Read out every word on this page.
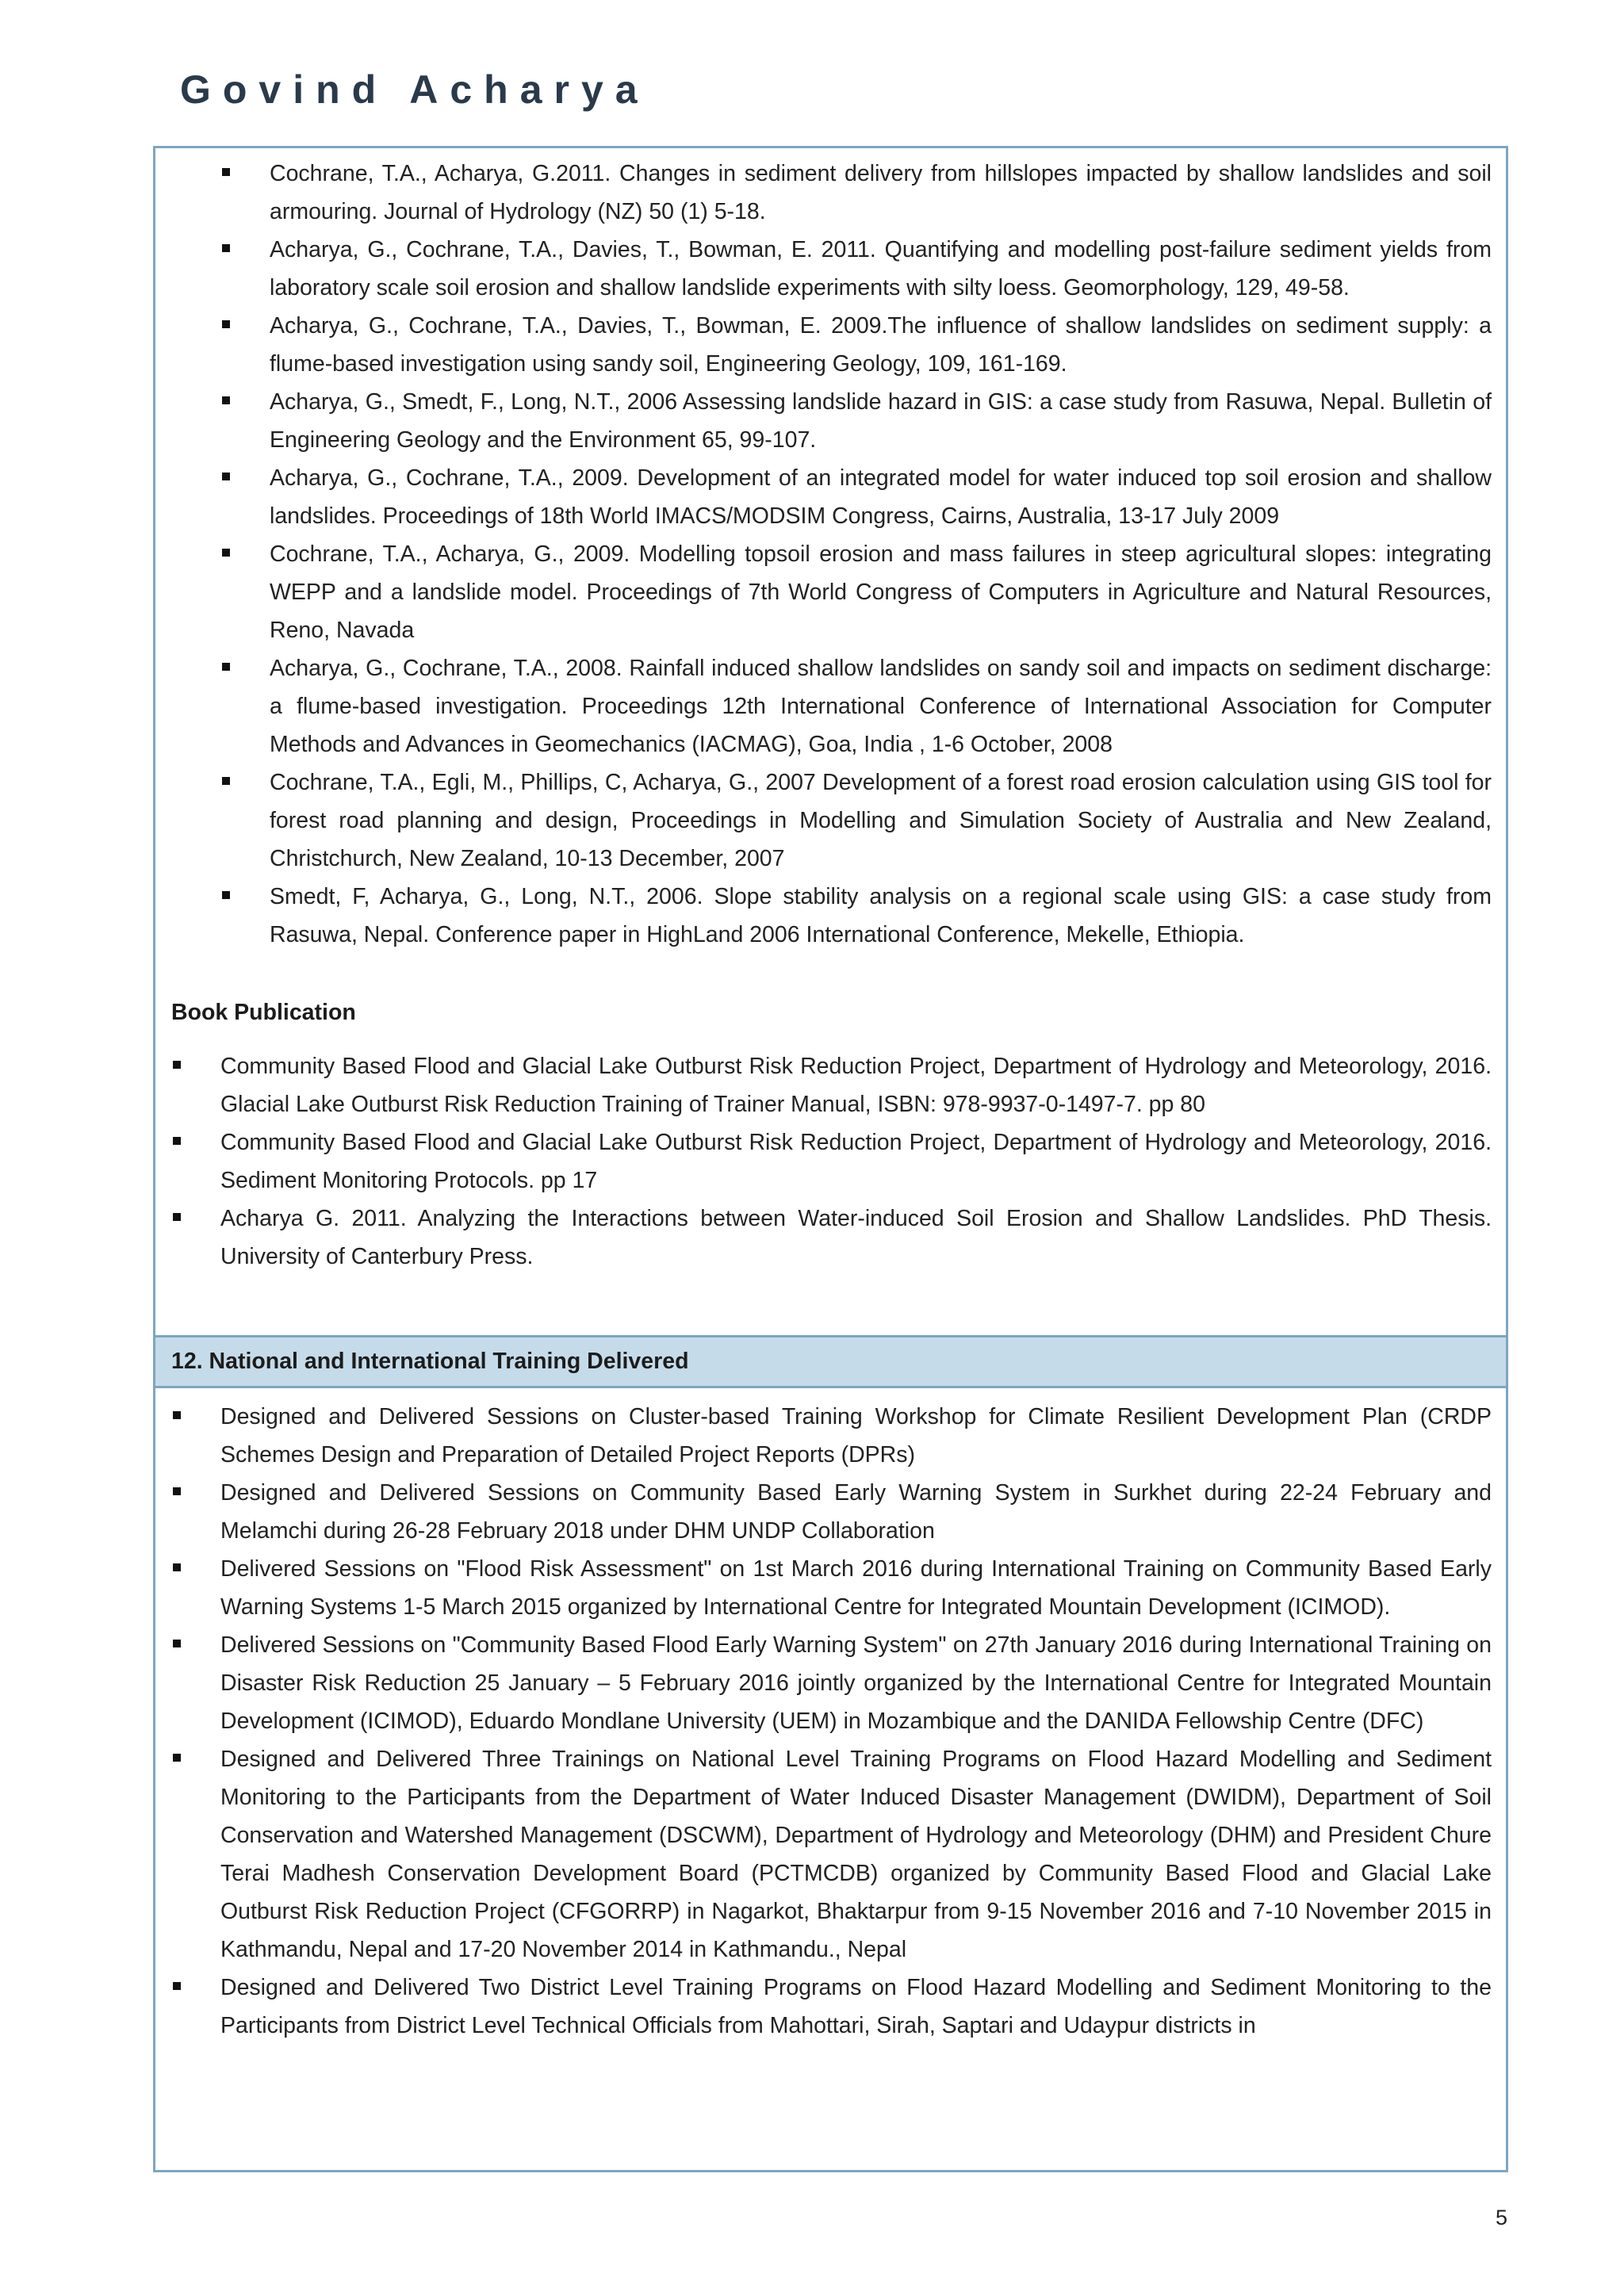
Govind Acharya
Cochrane, T.A., Acharya, G.2011. Changes in sediment delivery from hillslopes impacted by shallow landslides and soil armouring. Journal of Hydrology (NZ) 50 (1) 5-18.
Acharya, G., Cochrane, T.A., Davies, T., Bowman, E. 2011. Quantifying and modelling post-failure sediment yields from laboratory scale soil erosion and shallow landslide experiments with silty loess. Geomorphology, 129, 49-58.
Acharya, G., Cochrane, T.A., Davies, T., Bowman, E. 2009.The influence of shallow landslides on sediment supply: a flume-based investigation using sandy soil, Engineering Geology, 109, 161-169.
Acharya, G., Smedt, F., Long, N.T., 2006 Assessing landslide hazard in GIS: a case study from Rasuwa, Nepal. Bulletin of Engineering Geology and the Environment 65, 99-107.
Acharya, G., Cochrane, T.A., 2009. Development of an integrated model for water induced top soil erosion and shallow landslides. Proceedings of 18th World IMACS/MODSIM Congress, Cairns, Australia, 13-17 July 2009
Cochrane, T.A., Acharya, G., 2009. Modelling topsoil erosion and mass failures in steep agricultural slopes: integrating WEPP and a landslide model. Proceedings of 7th World Congress of Computers in Agriculture and Natural Resources, Reno, Navada
Acharya, G., Cochrane, T.A., 2008. Rainfall induced shallow landslides on sandy soil and impacts on sediment discharge: a flume-based investigation. Proceedings 12th International Conference of International Association for Computer Methods and Advances in Geomechanics (IACMAG), Goa, India , 1-6 October, 2008
Cochrane, T.A., Egli, M., Phillips, C, Acharya, G., 2007 Development of a forest road erosion calculation using GIS tool for forest road planning and design, Proceedings in Modelling and Simulation Society of Australia and New Zealand, Christchurch, New Zealand, 10-13 December, 2007
Smedt, F, Acharya, G., Long, N.T., 2006. Slope stability analysis on a regional scale using GIS: a case study from Rasuwa, Nepal. Conference paper in HighLand 2006 International Conference, Mekelle, Ethiopia.
Book Publication
Community Based Flood and Glacial Lake Outburst Risk Reduction Project, Department of Hydrology and Meteorology, 2016. Glacial Lake Outburst Risk Reduction Training of Trainer Manual, ISBN: 978-9937-0-1497-7. pp 80
Community Based Flood and Glacial Lake Outburst Risk Reduction Project, Department of Hydrology and Meteorology, 2016. Sediment Monitoring Protocols. pp 17
Acharya G. 2011. Analyzing the Interactions between Water-induced Soil Erosion and Shallow Landslides. PhD Thesis. University of Canterbury Press.
12. National and International Training Delivered
Designed and Delivered Sessions on Cluster-based Training Workshop for Climate Resilient Development Plan (CRDP Schemes Design and Preparation of Detailed Project Reports (DPRs)
Designed and Delivered Sessions on Community Based Early Warning System in Surkhet during 22-24 February and Melamchi during 26-28 February 2018 under DHM UNDP Collaboration
Delivered Sessions on "Flood Risk Assessment" on 1st March 2016 during International Training on Community Based Early Warning Systems 1-5 March 2015 organized by International Centre for Integrated Mountain Development (ICIMOD).
Delivered Sessions on "Community Based Flood Early Warning System" on 27th January 2016 during International Training on Disaster Risk Reduction 25 January – 5 February 2016 jointly organized by the International Centre for Integrated Mountain Development (ICIMOD), Eduardo Mondlane University (UEM) in Mozambique and the DANIDA Fellowship Centre (DFC)
Designed and Delivered Three Trainings on National Level Training Programs on Flood Hazard Modelling and Sediment Monitoring to the Participants from the Department of Water Induced Disaster Management (DWIDM), Department of Soil Conservation and Watershed Management (DSCWM), Department of Hydrology and Meteorology (DHM) and President Chure Terai Madhesh Conservation Development Board (PCTMCDB) organized by Community Based Flood and Glacial Lake Outburst Risk Reduction Project (CFGORRP) in Nagarkot, Bhaktarpur from 9-15 November 2016 and 7-10 November 2015 in Kathmandu, Nepal and 17-20 November 2014 in Kathmandu., Nepal
Designed and Delivered Two District Level Training Programs on Flood Hazard Modelling and Sediment Monitoring to the Participants from District Level Technical Officials from Mahottari, Sirah, Saptari and Udaypur districts in
5
